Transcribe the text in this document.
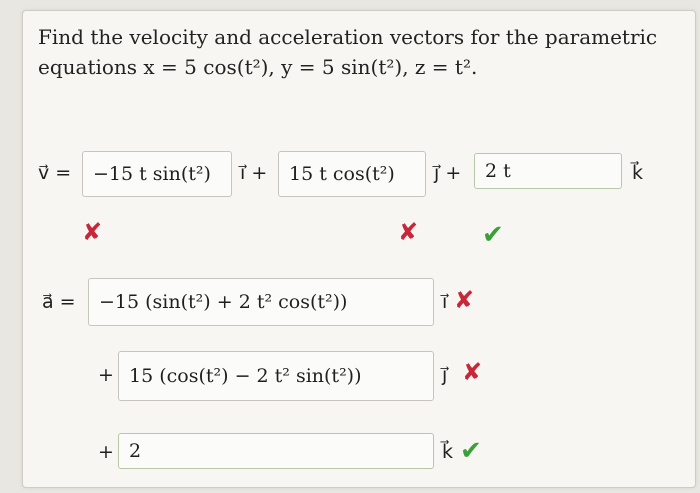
Find the velocity and acceleration vectors for the parametric
equations x = 5 cos(t²), y = 5 sin(t²), z = t².
v⃗ =	−15 t sin(t²)	i⃗ +	15 t cos(t²)	j⃗ +	2 t	k⃗
✘	✘ ✔
a⃗ =	−15 (sin(t²) + 2 t² cos(t²))	i⃗ ✘
+ 15 (cos(t²) − 2 t² sin(t²))	j⃗ ✘
+ 2	k⃗ ✔
